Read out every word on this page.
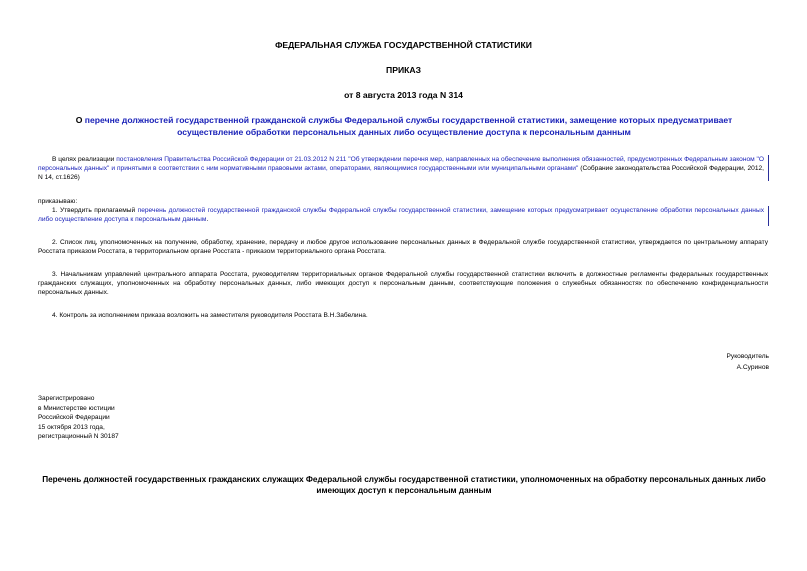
ФЕДЕРАЛЬНАЯ СЛУЖБА ГОСУДАРСТВЕННОЙ СТАТИСТИКИ
ПРИКАЗ
от 8 августа 2013 года N 314
О перечне должностей государственной гражданской службы Федеральной службы государственной статистики, замещение которых предусматривает осуществление обработки персональных данных либо осуществление доступа к персональным данным
В целях реализации постановления Правительства Российской Федерации от 21.03.2012 N 211 "Об утверждении перечня мер, направленных на обеспечение выполнения обязанностей, предусмотренных Федеральным законом "О персональных данных" и принятыми в соответствии с ним нормативными правовыми актами, операторами, являющимися государственными или муниципальными органами" (Собрание законодательства Российской Федерации, 2012, N 14, ст.1626)
приказываю:
1. Утвердить прилагаемый перечень должностей государственной гражданской службы Федеральной службы государственной статистики, замещение которых предусматривает осуществление обработки персональных данных либо осуществление доступа к персональным данным.
2. Список лиц, уполномоченных на получение, обработку, хранение, передачу и любое другое использование персональных данных в Федеральной службе государственной статистики, утверждается по центральному аппарату Росстата приказом Росстата, в территориальном органе Росстата - приказом территориального органа Росстата.
3. Начальникам управлений центрального аппарата Росстата, руководителям территориальных органов Федеральной службы государственной статистики включить в должностные регламенты федеральных государственных гражданских служащих, уполномоченных на обработку персональных данных, либо имеющих доступ к персональным данным, соответствующие положения о служебных обязанностях по обеспечению конфиденциальности персональных данных.
4. Контроль за исполнением приказа возложить на заместителя руководителя Росстата В.Н.Забелина.
Руководитель
А.Суринов
Зарегистрировано
в Министерстве юстиции
Российской Федерации
15 октября 2013 года,
регистрационный N 30187
Перечень должностей государственных гражданских служащих Федеральной службы государственной статистики, уполномоченных на обработку персональных данных либо имеющих доступ к персональным данным
